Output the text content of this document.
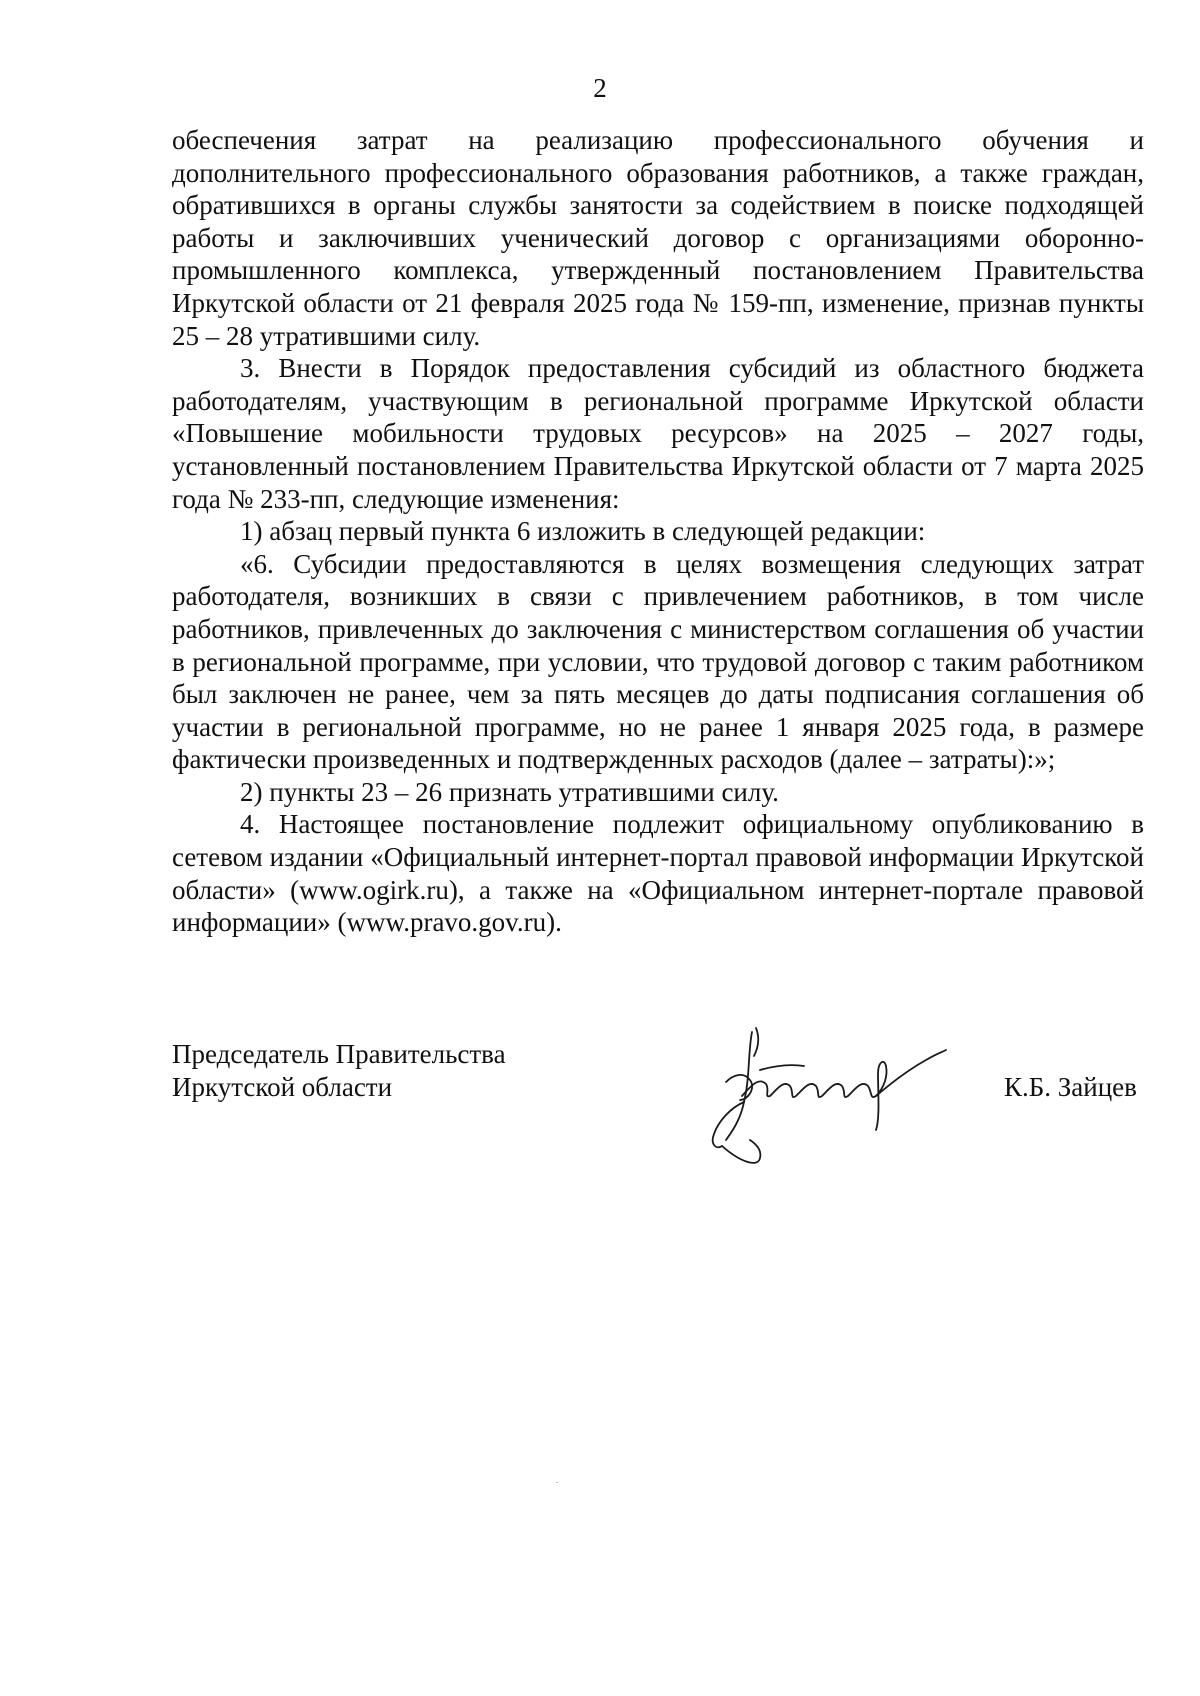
2

обеспечения затрат на реализацию профессионального обучения и дополнительного профессионального образования работников, а также граждан, обратившихся в органы службы занятости за содействием в поиске подходящей работы и заключивших ученический договор с организациями оборонно-промышленного комплекса, утвержденный постановлением Правительства Иркутской области от 21 февраля 2025 года № 159-пп, изменение, признав пункты 25 – 28 утратившими силу.

3. Внести в Порядок предоставления субсидий из областного бюджета работодателям, участвующим в региональной программе Иркутской области «Повышение мобильности трудовых ресурсов» на 2025 – 2027 годы, установленный постановлением Правительства Иркутской области от 7 марта 2025 года № 233-пп, следующие изменения:

1) абзац первый пункта 6 изложить в следующей редакции:

«6. Субсидии предоставляются в целях возмещения следующих затрат работодателя, возникших в связи с привлечением работников, в том числе работников, привлеченных до заключения с министерством соглашения об участии в региональной программе, при условии, что трудовой договор с таким работником был заключен не ранее, чем за пять месяцев до даты подписания соглашения об участии в региональной программе, но не ранее 1 января 2025 года, в размере фактически произведенных и подтвержденных расходов (далее – затраты):»;

2) пункты 23 – 26 признать утратившими силу.

4. Настоящее постановление подлежит официальному опубликованию в сетевом издании «Официальный интернет-портал правовой информации Иркутской области» (www.ogirk.ru), а также на «Официальном интернет-портале правовой информации» (www.pravo.gov.ru).

Председатель Правительства
Иркутской области	К.Б. Зайцев
